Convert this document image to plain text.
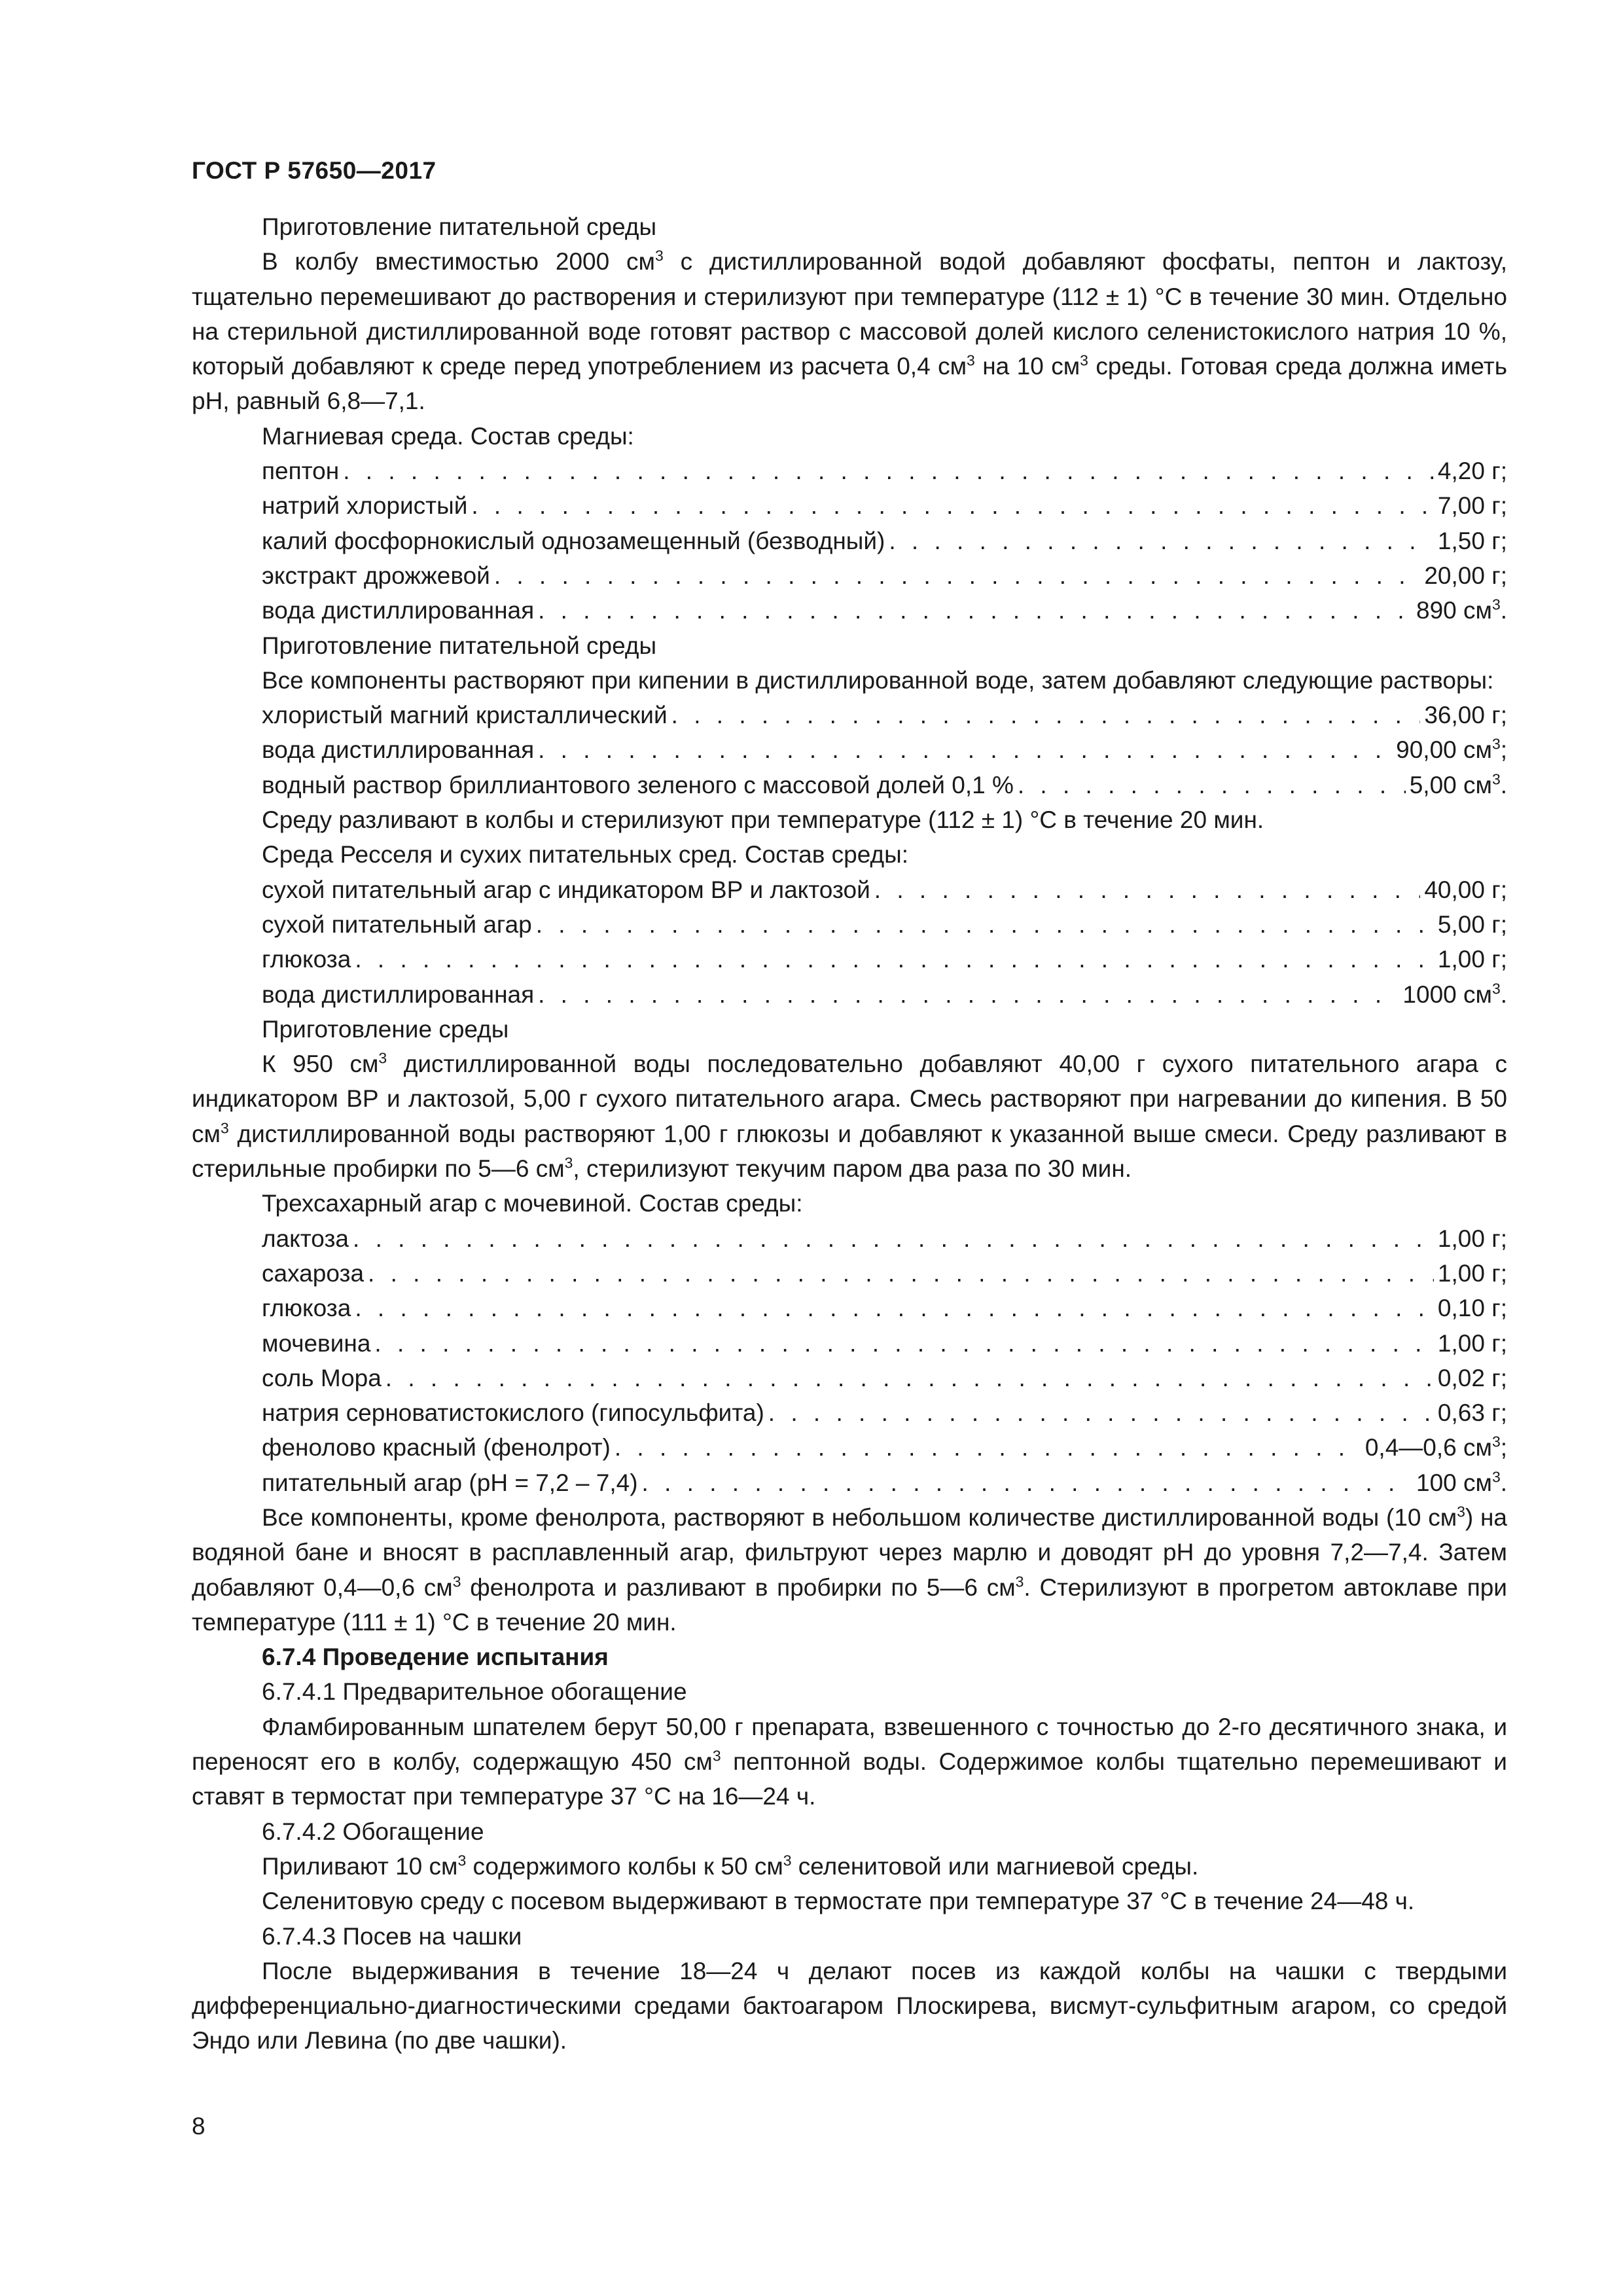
ГОСТ Р 57650—2017
Приготовление питательной среды
В колбу вместимостью 2000 $см^3$ с дистиллированной водой добавляют фосфаты, пептон и лактозу, тщательно перемешивают до растворения и стерилизуют при температуре (112 ± 1) °С в течение 30 мин. Отдельно на стерильной дистиллированной воде готовят раствор с массовой долей кислого селенистокислого натрия 10 %, который добавляют к среде перед употреблением из расчета 0,4 $см^3$ на 10 $см^3$ среды. Готовая среда должна иметь pH, равный 6,8—7,1.
Магниевая среда. Состав среды:
пептон . . .	4,20 г;
натрий хлористый . . .	7,00 г;
калий фосфорнокислый однозамещенный (безводный) . . .	1,50 г;
экстракт дрожжевой . . .	20,00 г;
вода дистиллированная . . .	890 $см^3$.
Приготовление питательной среды
Все компоненты растворяют при кипении в дистиллированной воде, затем добавляют следующие растворы:
хлористый магний кристаллический . . .	36,00 г;
вода дистиллированная . . .	90,00 $см^3$;
водный раствор бриллиантового зеленого с массовой долей 0,1 % . . .	5,00 $см^3$.
Среду разливают в колбы и стерилизуют при температуре (112 ± 1) °С в течение 20 мин.
Среда Ресселя и сухих питательных сред. Состав среды:
сухой питательный агар с индикатором ВР и лактозой . . .	40,00 г;
сухой питательный агар . . .	5,00 г;
глюкоза . . .	1,00 г;
вода дистиллированная . . .	1000 $см^3$.
Приготовление среды
К 950 $см^3$ дистиллированной воды последовательно добавляют 40,00 г сухого питательного агара с индикатором ВР и лактозой, 5,00 г сухого питательного агара. Смесь растворяют при нагревании до кипения. В 50 $см^3$ дистиллированной воды растворяют 1,00 г глюкозы и добавляют к указанной выше смеси. Среду разливают в стерильные пробирки по 5—6 $см^3$, стерилизуют текучим паром два раза по 30 мин.
Трехсахарный агар с мочевиной. Состав среды:
лактоза . . .	1,00 г;
сахароза . . .	1,00 г;
глюкоза . . .	0,10 г;
мочевина . . .	1,00 г;
соль Мора . . .	0,02 г;
натрия серноватистокислого (гипосульфита) . . .	0,63 г;
феноловo красный (фенолрот) . . .	0,4—0,6 $см^3$;
питательный агар (pH = 7,2 – 7,4) . . .	100 $см^3$.
Все компоненты, кроме фенолрота, растворяют в небольшом количестве дистиллированной воды (10 $см^3$) на водяной бане и вносят в расплавленный агар, фильтруют через марлю и доводят pH до уровня 7,2—7,4. Затем добавляют 0,4—0,6 $см^3$ фенолрота и разливают в пробирки по 5—6 $см^3$. Стерилизуют в прогретом автоклаве при температуре (111 ± 1) °С в течение 20 мин.
6.7.4 Проведение испытания
6.7.4.1 Предварительное обогащение
Фламбированным шпателем берут 50,00 г препарата, взвешенного с точностью до 2-го десятичного знака, и переносят его в колбу, содержащую 450 $см^3$ пептонной воды. Содержимое колбы тщательно перемешивают и ставят в термостат при температуре 37 °С на 16—24 ч.
6.7.4.2 Обогащение
Приливают 10 $см^3$ содержимого колбы к 50 $см^3$ селенитовой или магниевой среды.
Селенитовую среду с посевом выдерживают в термостате при температуре 37 °С в течение 24—48 ч.
6.7.4.3 Посев на чашки
После выдерживания в течение 18—24 ч делают посев из каждой колбы на чашки с твердыми дифференциально-диагностическими средами бактоагаром Плоскирева, висмут-сульфитным агаром, со средой Эндо или Левина (по две чашки).
8
